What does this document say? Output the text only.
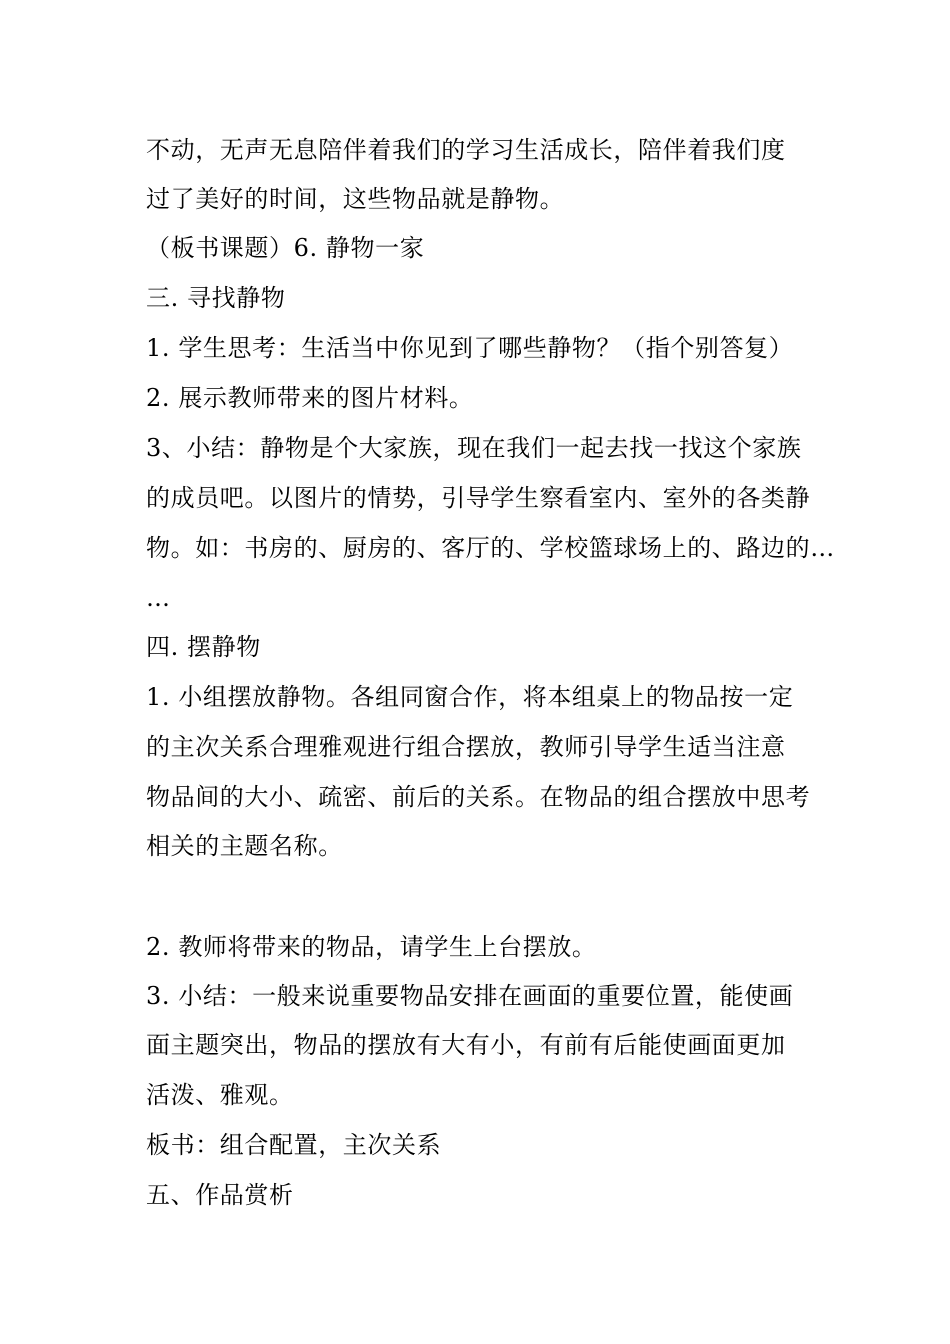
不动，无声无息陪伴着我们的学习生活成长，陪伴着我们度
过了美好的时间，这些物品就是静物。
（板书课题）6. 静物一家
三. 寻找静物
1. 学生思考：生活当中你见到了哪些静物？（指个别答复）
2. 展示教师带来的图片材料。
3、小结：静物是个大家族，现在我们一起去找一找这个家族
的成员吧。以图片的情势，引导学生察看室内、室外的各类静
物。如：书房的、厨房的、客厅的、学校篮球场上的、路边的…
…
四. 摆静物
1. 小组摆放静物。各组同窗合作，将本组桌上的物品按一定
的主次关系合理雅观进行组合摆放，教师引导学生适当注意
物品间的大小、疏密、前后的关系。在物品的组合摆放中思考
相关的主题名称。
2. 教师将带来的物品，请学生上台摆放。
3. 小结：一般来说重要物品安排在画面的重要位置，能使画
面主题突出，物品的摆放有大有小，有前有后能使画面更加
活泼、雅观。
板书：组合配置，主次关系
五、作品赏析
